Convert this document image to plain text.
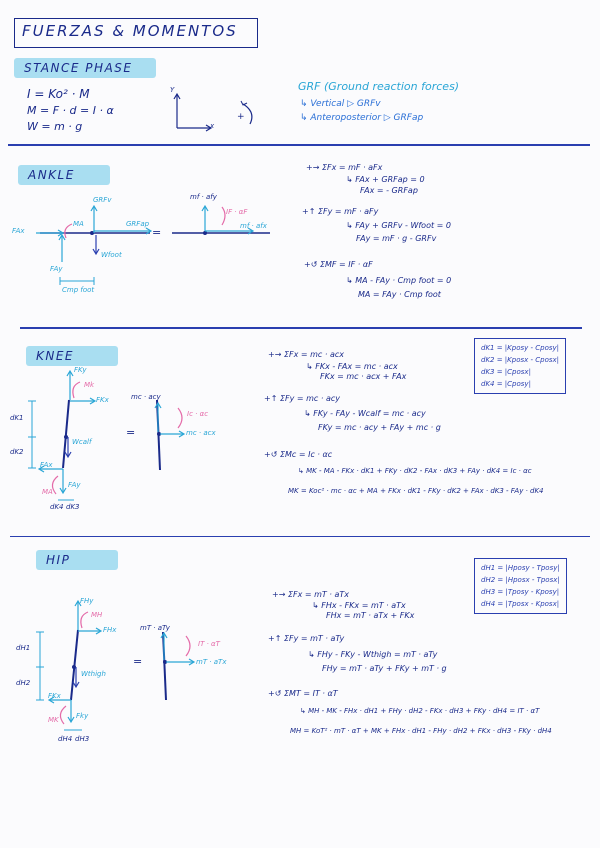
FUERZAS & MOMENTOS
STANCE PHASE
I = Ko² · M
M = F · d = I · α
W = m · g
Y
x
+
GRF (Ground reaction forces)
↳ Vertical ▷ GRFv
↳ Anteroposterior ▷ GRFap
ANKLE
FAx
FAy
MA
GRFv
GRFap
Wfoot
Cmp foot
=
mf · afy
IF · αF
mf · afx
+→ ΣFx = mF · aFx
↳ FAx + GRFap = 0
FAx = - GRFap
+↑ ΣFy = mF · aFy
↳ FAy + GRFv - Wfoot = 0
FAy = mF · g - GRFv
+↺ ΣMF = IF · αF
↳ MA - FAy · Cmp foot = 0
MA = FAy · Cmp foot
KNEE
FKy
Mk
FKx
dK1
dK2
Wcalf
FAx
MA
FAy
dK4 dK3
=
mc · acy
Ic · αc
mc · acx
+→ ΣFx = mc · acx
↳ FKx - FAx = mc · acx
FKx = mc · acx + FAx
+↑ ΣFy = mc · acy
↳ FKy - FAy - Wcalf = mc · acy
FKy = mc · acy + FAy + mc · g
+↺ ΣMc = Ic · αc
↳ MK - MA - FKx · dK1 + FKy · dK2 - FAx · dK3 + FAy · dK4 = Ic · αc
MK = Koc² · mc · αc + MA + FKx · dK1 - FKy · dK2 + FAx · dK3 - FAy · dK4
dK1 = |Kposy - Cposy|
dK2 = |Kposx - Cposx|
dK3 = |Cposx|
dK4 = |Cposy|
HIP
FHy
MH
FHx
dH1
dH2
Wthigh
FKx
MK Fky
dH4 dH3
=
mT · aTy
IT · αT
mT · aTx
+→ ΣFx = mT · aTx
↳ FHx - FKx = mT · aTx
FHx = mT · aTx + FKx
+↑ ΣFy = mT · aTy
↳ FHy - FKy - Wthigh = mT · aTy
FHy = mT · aTy + FKy + mT · g
+↺ ΣMT = IT · αT
↳ MH - MK - FHx · dH1 + FHy · dH2 - FKx · dH3 + FKy · dH4 = IT · αT
MH = KoT² · mT · αT + MK + FHx · dH1 - FHy · dH2 + FKx · dH3 - FKy · dH4
dH1 = |Hposy - Tposy|
dH2 = |Hposx - Tposx|
dH3 = |Tposy - Kposy|
dH4 = |Tposx - Kposx|
